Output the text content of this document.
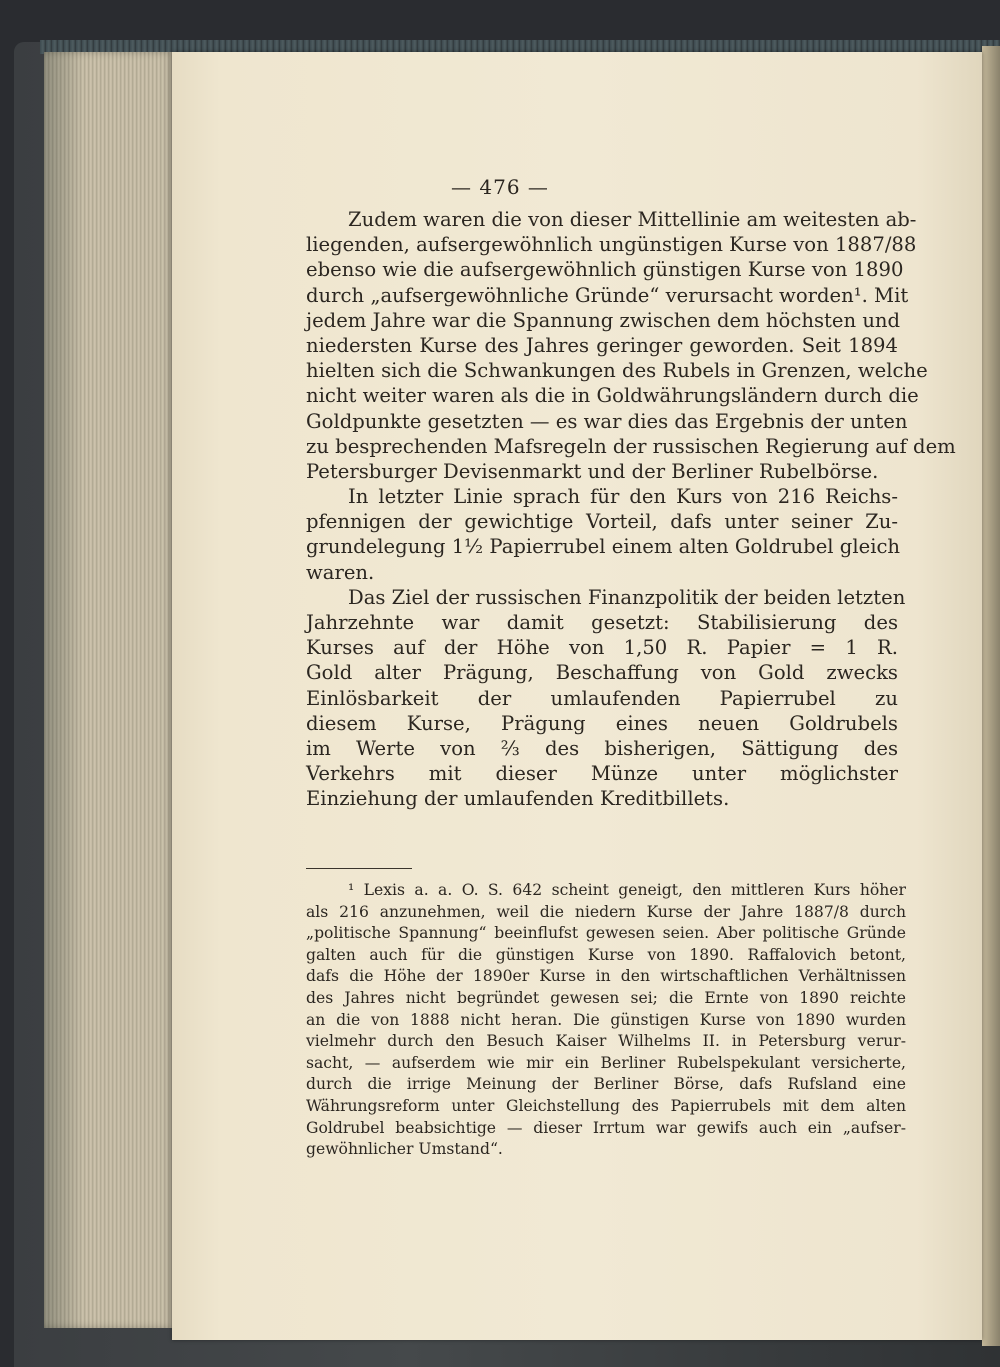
— 476 —
Zudem waren die von dieser Mittellinie am weitesten ab-
liegenden, aufsergewöhnlich ungünstigen Kurse von 1887/88
ebenso wie die aufsergewöhnlich günstigen Kurse von 1890
durch „aufsergewöhnliche Gründe“ verursacht worden¹. Mit
jedem Jahre war die Spannung zwischen dem höchsten und
niedersten Kurse des Jahres geringer geworden. Seit 1894
hielten sich die Schwankungen des Rubels in Grenzen, welche
nicht weiter waren als die in Goldwährungsländern durch die
Goldpunkte gesetzten — es war dies das Ergebnis der unten
zu besprechenden Mafsregeln der russischen Regierung auf dem
Petersburger Devisenmarkt und der Berliner Rubelbörse.
In letzter Linie sprach für den Kurs von 216 Reichs-
pfennigen der gewichtige Vorteil, dafs unter seiner Zu-
grundelegung 1½ Papierrubel einem alten Goldrubel gleich
waren.
Das Ziel der russischen Finanzpolitik der beiden letzten
Jahrzehnte war damit gesetzt: Stabilisierung des
Kurses auf der Höhe von 1,50 R. Papier = 1 R.
Gold alter Prägung, Beschaffung von Gold zwecks
Einlösbarkeit der umlaufenden Papierrubel zu
diesem Kurse, Prägung eines neuen Goldrubels
im Werte von ⅔ des bisherigen, Sättigung des
Verkehrs mit dieser Münze unter möglichster
Einziehung der umlaufenden Kreditbillets.
¹ Lexis a. a. O. S. 642 scheint geneigt, den mittleren Kurs höher
als 216 anzunehmen, weil die niedern Kurse der Jahre 1887/8 durch
„politische Spannung“ beeinflufst gewesen seien. Aber politische Gründe
galten auch für die günstigen Kurse von 1890. Raffalovich betont,
dafs die Höhe der 1890er Kurse in den wirtschaftlichen Verhältnissen
des Jahres nicht begründet gewesen sei; die Ernte von 1890 reichte
an die von 1888 nicht heran. Die günstigen Kurse von 1890 wurden
vielmehr durch den Besuch Kaiser Wilhelms II. in Petersburg verur-
sacht, — aufserdem wie mir ein Berliner Rubelspekulant versicherte,
durch die irrige Meinung der Berliner Börse, dafs Rufsland eine
Währungsreform unter Gleichstellung des Papierrubels mit dem alten
Goldrubel beabsichtige — dieser Irrtum war gewifs auch ein „aufser-
gewöhnlicher Umstand“.
